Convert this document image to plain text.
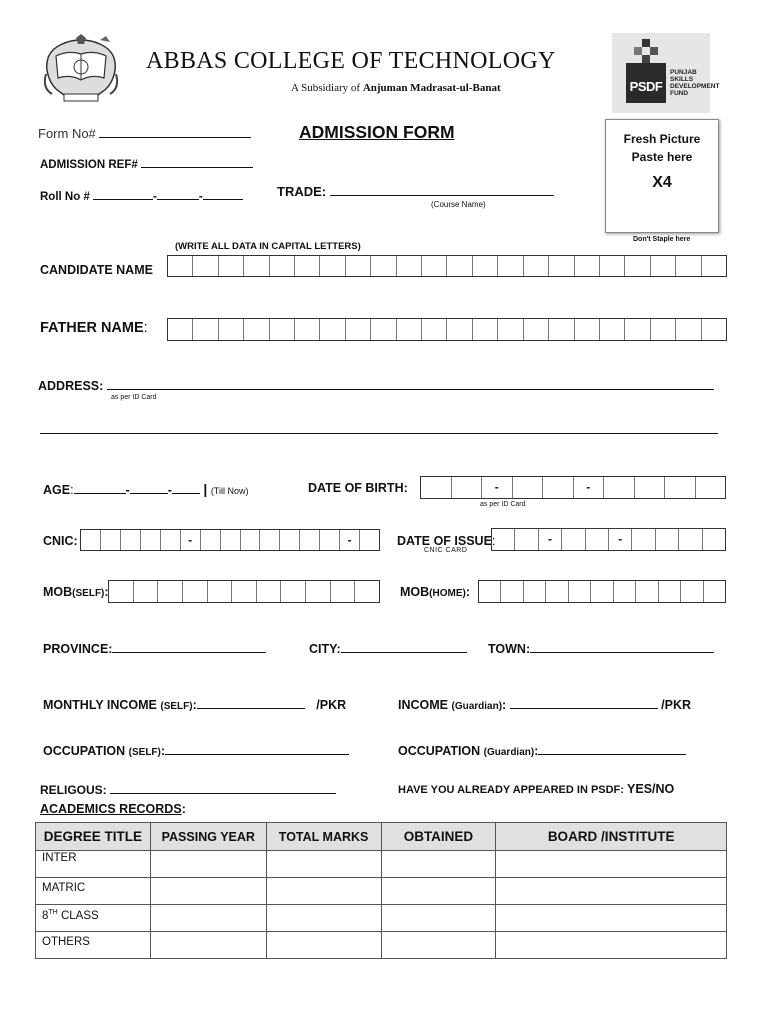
ABBAS COLLEGE OF TECHNOLOGY
A Subsidiary of Anjuman Madrasat-ul-Banat	PSDF
PUNJAB SKILLS DEVELOPMENT FUND
Form No#	ADMISSION FORM
ADMISSION REF#
Roll No #	-	-	TRADE:
(Course Name)
Fresh Picture
Paste here
X4
Don't Staple here
(WRITE ALL DATA IN CAPITAL LETTERS)
CANDIDATE NAME
FATHER NAME:
ADDRESS:
as per ID Card
AGE:	-	- | (Till Now)	DATE OF BIRTH:	-	-
as per ID Card
CNIC:	-	-	DATE OF ISSUE:
CNIC CARD
-	-
MOB(SELF):	MOB(HOME):
PROVINCE:	CITY:	TOWN:
MONTHLY INCOME (SELF):	/PKR	INCOME (Guardian):	/PKR
OCCUPATION (SELF):	OCCUPATION (Guardian):
RELIGOUS:	HAVE YOU ALREADY APPEARED IN PSDF: YES/NO
ACADEMICS RECORDS:
DEGREE TITLE	PASSING YEAR	TOTAL MARKS	OBTAINED	BOARD /INSTITUTE
INTER				
MATRIC				
8TH CLASS				
OTHERS				
